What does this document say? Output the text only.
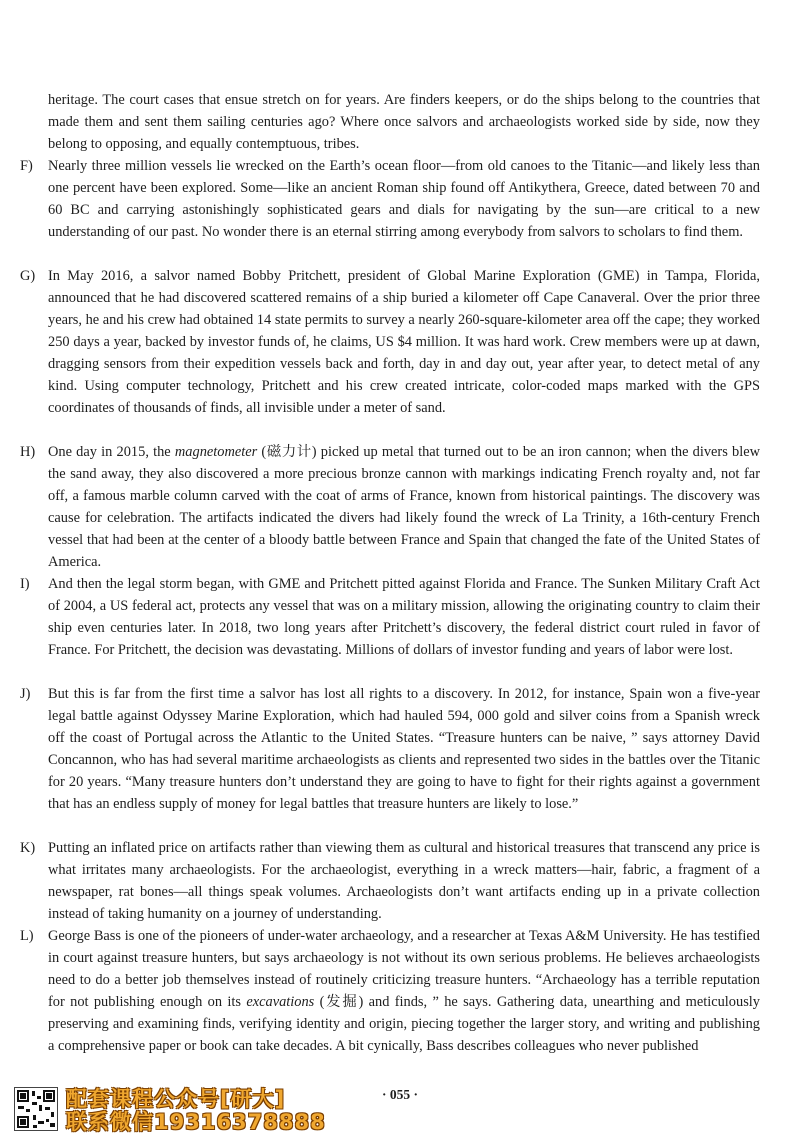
heritage. The court cases that ensue stretch on for years. Are finders keepers, or do the ships belong to the countries that made them and sent them sailing centuries ago? Where once salvors and archaeologists worked side by side, now they belong to opposing, and equally contemptuous, tribes.

F) Nearly three million vessels lie wrecked on the Earth’s ocean floor—from old canoes to the Titanic—and likely less than one percent have been explored. Some—like an ancient Roman ship found off Antikythera, Greece, dated between 70 and 60 BC and carrying astonishingly sophisticated gears and dials for navigating by the sun—are critical to a new understanding of our past. No wonder there is an eternal stirring among everybody from salvors to scholars to find them.

G) In May 2016, a salvor named Bobby Pritchett, president of Global Marine Exploration (GME) in Tampa, Florida, announced that he had discovered scattered remains of a ship buried a kilometer off Cape Canaveral. Over the prior three years, he and his crew had obtained 14 state permits to survey a nearly 260-square-kilometer area off the cape; they worked 250 days a year, backed by investor funds of, he claims, US $4 million. It was hard work. Crew members were up at dawn, dragging sensors from their expedition vessels back and forth, day in and day out, year after year, to detect metal of any kind. Using computer technology, Pritchett and his crew created intricate, color-coded maps marked with the GPS coordinates of thousands of finds, all invisible under a meter of sand.

H) One day in 2015, the magnetometer (磁力计) picked up metal that turned out to be an iron cannon; when the divers blew the sand away, they also discovered a more precious bronze cannon with markings indicating French royalty and, not far off, a famous marble column carved with the coat of arms of France, known from historical paintings. The discovery was cause for celebration. The artifacts indicated the divers had likely found the wreck of La Trinity, a 16th-century French vessel that had been at the center of a bloody battle between France and Spain that changed the fate of the United States of America.

I) And then the legal storm began, with GME and Pritchett pitted against Florida and France. The Sunken Military Craft Act of 2004, a US federal act, protects any vessel that was on a military mission, allowing the originating country to claim their ship even centuries later. In 2018, two long years after Pritchett’s discovery, the federal district court ruled in favor of France. For Pritchett, the decision was devastating. Millions of dollars of investor funding and years of labor were lost.

J) But this is far from the first time a salvor has lost all rights to a discovery. In 2012, for instance, Spain won a five-year legal battle against Odyssey Marine Exploration, which had hauled 594, 000 gold and silver coins from a Spanish wreck off the coast of Portugal across the Atlantic to the United States. “Treasure hunters can be naive, ” says attorney David Concannon, who has had several maritime archaeologists as clients and represented two sides in the battles over the Titanic for 20 years. “Many treasure hunters don’t understand they are going to have to fight for their rights against a government that has an endless supply of money for legal battles that treasure hunters are likely to lose.”

K) Putting an inflated price on artifacts rather than viewing them as cultural and historical treasures that transcend any price is what irritates many archaeologists. For the archaeologist, everything in a wreck matters—hair, fabric, a fragment of a newspaper, rat bones—all things speak volumes. Archaeologists don’t want artifacts ending up in a private collection instead of taking humanity on a journey of understanding.

L) George Bass is one of the pioneers of under-water archaeology, and a researcher at Texas A&M University. He has testified in court against treasure hunters, but says archaeology is not without its own serious problems. He believes archaeologists need to do a better job themselves instead of routinely criticizing treasure hunters. “Archaeology has a terrible reputation for not publishing enough on its excavations (发掘) and finds, ” he says. Gathering data, unearthing and meticulously preserving and examining finds, verifying identity and origin, piecing together the larger story, and writing and publishing a comprehensive paper or book can take decades. A bit cynically, Bass describes colleagues who never published

· 055 ·
配套课程公众号[研大]
联系微信19316378888
